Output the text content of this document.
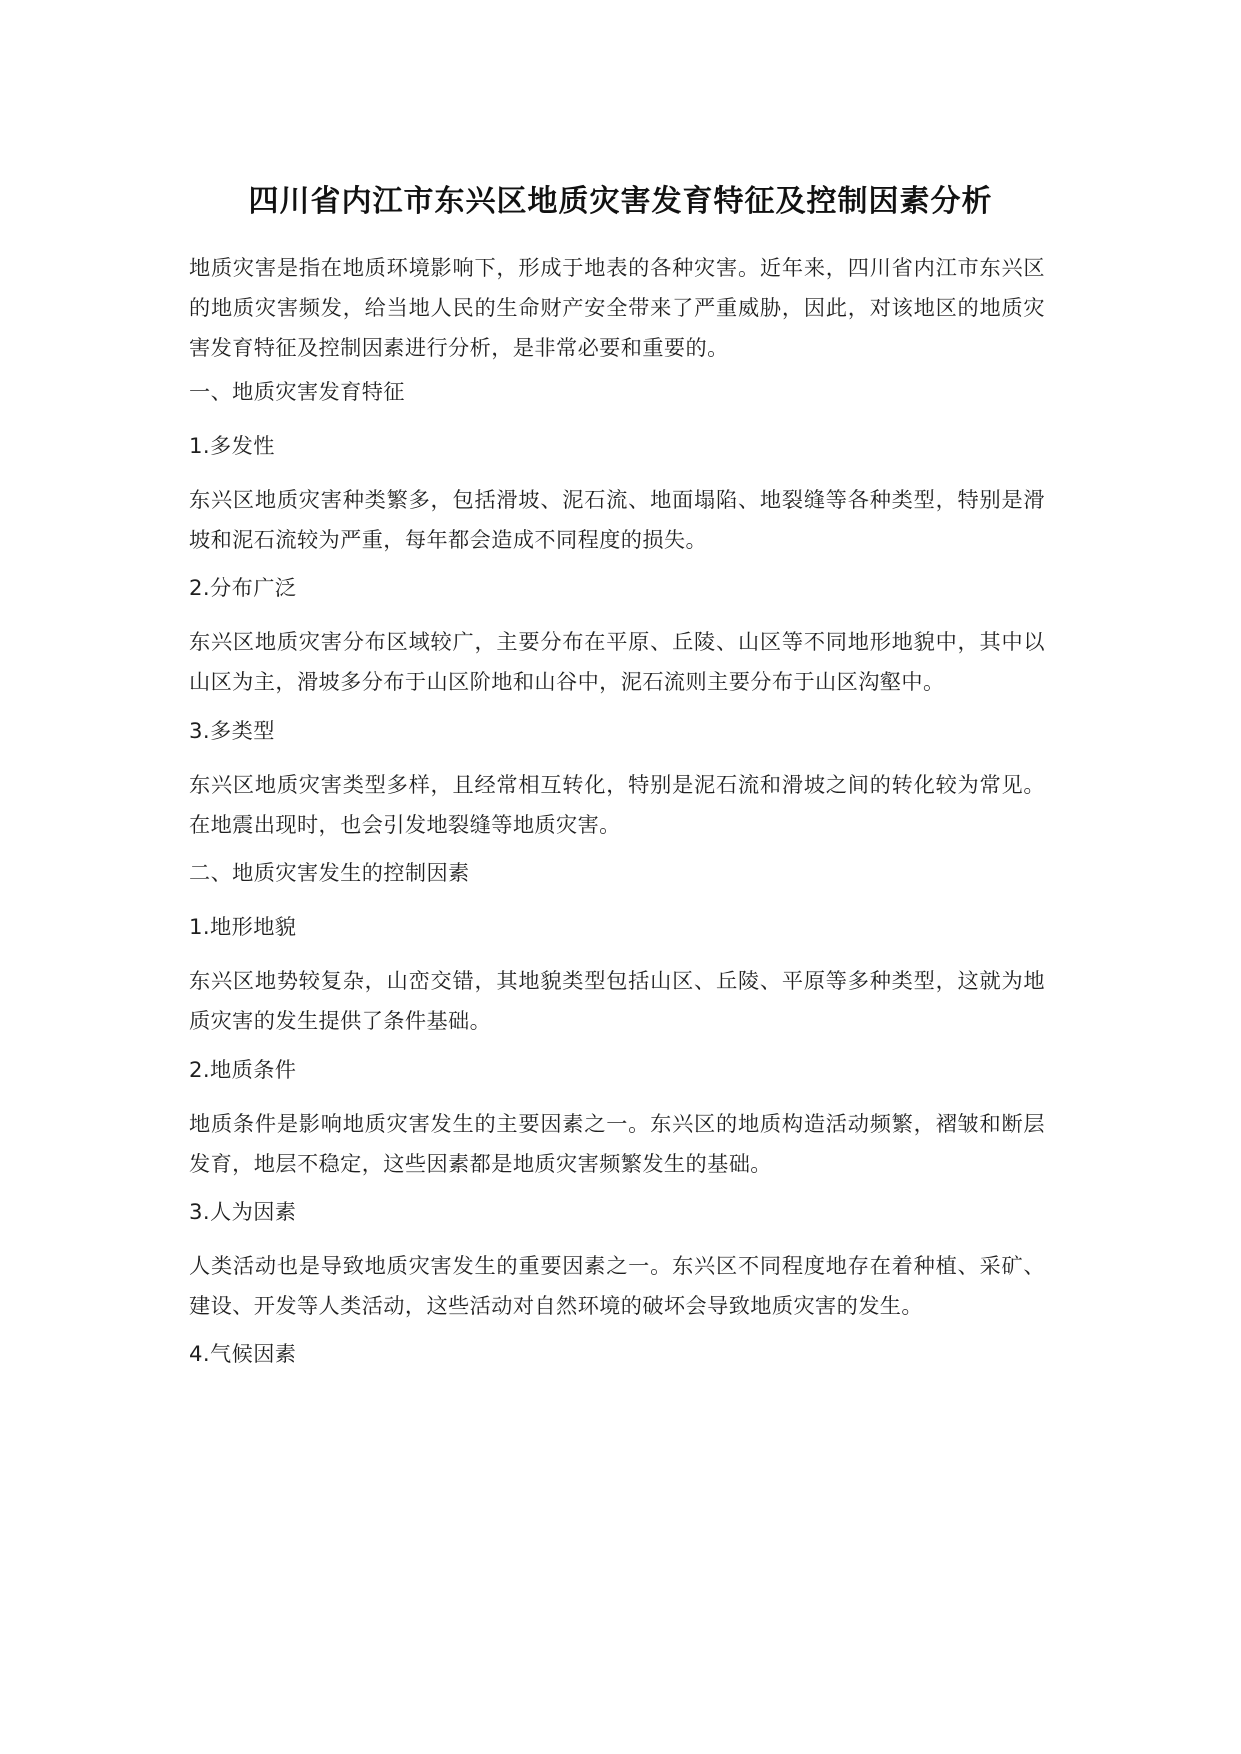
四川省内江市东兴区地质灾害发育特征及控制因素分析

地质灾害是指在地质环境影响下，形成于地表的各种灾害。近年来，四川省内江市东兴区的地质灾害频发，给当地人民的生命财产安全带来了严重威胁，因此，对该地区的地质灾害发育特征及控制因素进行分析，是非常必要和重要的。

一、地质灾害发育特征

1.多发性

东兴区地质灾害种类繁多，包括滑坡、泥石流、地面塌陷、地裂缝等各种类型，特别是滑坡和泥石流较为严重，每年都会造成不同程度的损失。

2.分布广泛

东兴区地质灾害分布区域较广，主要分布在平原、丘陵、山区等不同地形地貌中，其中以山区为主，滑坡多分布于山区阶地和山谷中，泥石流则主要分布于山区沟壑中。

3.多类型

东兴区地质灾害类型多样，且经常相互转化，特别是泥石流和滑坡之间的转化较为常见。在地震出现时，也会引发地裂缝等地质灾害。

二、地质灾害发生的控制因素

1.地形地貌

东兴区地势较复杂，山峦交错，其地貌类型包括山区、丘陵、平原等多种类型，这就为地质灾害的发生提供了条件基础。

2.地质条件

地质条件是影响地质灾害发生的主要因素之一。东兴区的地质构造活动频繁，褶皱和断层发育，地层不稳定，这些因素都是地质灾害频繁发生的基础。

3.人为因素

人类活动也是导致地质灾害发生的重要因素之一。东兴区不同程度地存在着种植、采矿、建设、开发等人类活动，这些活动对自然环境的破坏会导致地质灾害的发生。

4.气候因素
